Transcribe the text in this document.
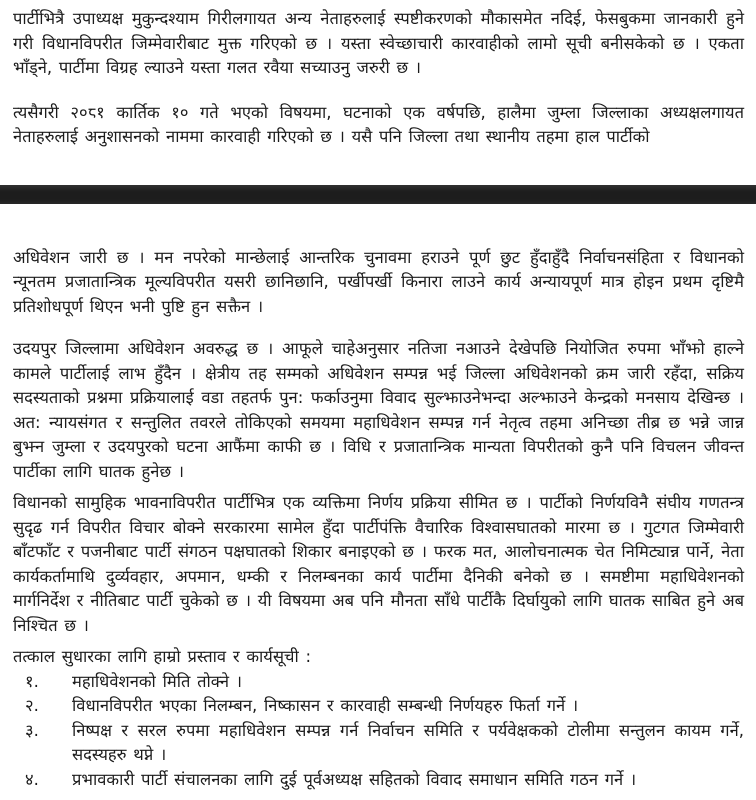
पार्टीभित्रै उपाध्यक्ष मुकुन्दश्याम गिरीलगायत अन्य नेताहरुलाई स्पष्टीकरणको मौकासमेत नदिई, फेसबुकमा जानकारी हुने गरी विधानविपरीत जिम्मेवारीबाट मुक्त गरिएको छ । यस्ता स्वेच्छाचारी कारवाहीको लामो सूची बनीसकेको छ । एकता भाँड्ने, पार्टीमा विग्रह ल्याउने यस्ता गलत रवैया सच्याउनु जरुरी छ ।

त्यसैगरी २०८१ कार्तिक १० गते भएको विषयमा, घटनाको एक वर्षपछि, हालैमा जुम्ला जिल्लाका अध्यक्षलगायत नेताहरुलाई अनुशासनको नाममा कारवाही गरिएको छ । यसै पनि जिल्ला तथा स्थानीय तहमा हाल पार्टीको

अधिवेशन जारी छ । मन नपरेको मान्छेलाई आन्तरिक चुनावमा हराउने पूर्ण छुट हुँदाहुँदै निर्वाचनसंहिता र विधानको न्यूनतम प्रजातान्त्रिक मूल्यविपरीत यसरी छानिछानि, पर्खीपर्खी किनारा लाउने कार्य अन्यायपूर्ण मात्र होइन प्रथम दृष्टिमै प्रतिशोधपूर्ण थिएन भनी पुष्टि हुन सक्तैन ।

उदयपुर जिल्लामा अधिवेशन अवरुद्ध छ । आफूले चाहेअनुसार नतिजा नआउने देखेपछि नियोजित रुपमा भाँझो हाल्ने कामले पार्टीलाई लाभ हुँदैन । क्षेत्रीय तह सम्मको अधिवेशन सम्पन्न भई जिल्ला अधिवेशनको क्रम जारी रहँदा, सक्रिय सदस्यताको प्रश्नमा प्रक्रियालाई वडा तहतर्फ पुन: फर्काउनुमा विवाद सुल्झाउनेभन्दा अल्झाउने केन्द्रको मनसाय देखिन्छ । अत: न्यायसंगत र सन्तुलित तवरले तोकिएको समयमा महाधिवेशन सम्पन्न गर्न नेतृत्व तहमा अनिच्छा तीब्र छ भन्ने जान्न बुझ्न जुम्ला र उदयपुरको घटना आफैंमा काफी छ । विधि र प्रजातान्त्रिक मान्यता विपरीतको कुनै पनि विचलन जीवन्त पार्टीका लागि घातक हुनेछ ।

विधानको सामुहिक भावनाविपरीत पार्टीभित्र एक व्यक्तिमा निर्णय प्रक्रिया सीमित छ । पार्टीको निर्णयविनै संघीय गणतन्त्र सुदृढ गर्न विपरीत विचार बोक्ने सरकारमा सामेल हुँदा पार्टीपंक्ति वैचारिक विश्वासघातको मारमा छ । गुटगत जिम्मेवारी बाँटफाँट र पजनीबाट पार्टी संगठन पक्षघातको शिकार बनाइएको छ । फरक मत, आलोचनात्मक चेत निमिट्यान्न पार्ने, नेता कार्यकर्तामाथि दुर्व्यवहार, अपमान, धम्की र निलम्बनका कार्य पार्टीमा दैनिकी बनेको छ । समष्टीमा महाधिवेशनको मार्गनिर्देश र नीतिबाट पार्टी चुकेको छ । यी विषयमा अब पनि मौनता साँधे पार्टीकै दिर्घायुको लागि घातक साबित हुने अब निश्चित छ ।

तत्काल सुधारका लागि हाम्रो प्रस्ताव र कार्यसूची :

१.	महाधिवेशनको मिति तोक्ने ।
२.	विधानविपरीत भएका निलम्बन, निष्कासन र कारवाही सम्बन्धी निर्णयहरु फिर्ता गर्ने ।
३.	निष्पक्ष र सरल रुपमा महाधिवेशन सम्पन्न गर्न निर्वाचन समिति र पर्यवेक्षकको टोलीमा सन्तुलन कायम गर्ने, सदस्यहरु थप्ने ।
४.	प्रभावकारी पार्टी संचालनका लागि दुई पूर्वअध्यक्ष सहितको विवाद समाधान समिति गठन गर्ने ।
